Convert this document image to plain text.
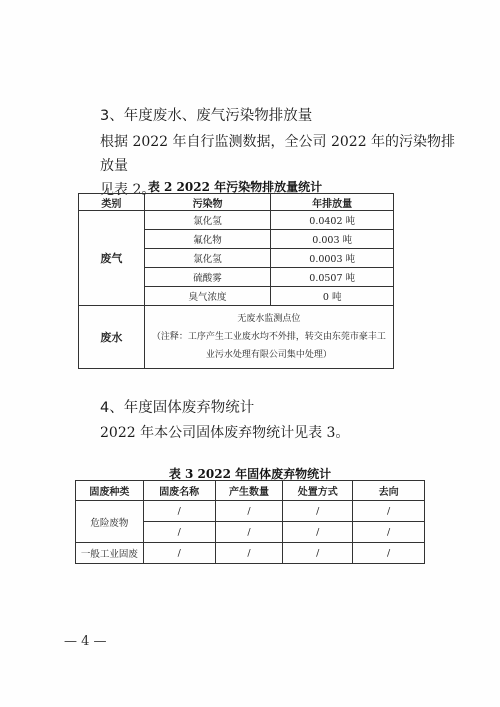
3、年度废水、废气污染物排放量
根据 2022 年自行监测数据，全公司 2022 年的污染物排放量
见表 2。
表 2 2022 年污染物排放量统计
类别	污染物	年排放量
废气	氯化氢	0.0402 吨
	氟化物	0.003 吨
	氯化氢	0.0003 吨
	硫酸雾	0.0507 吨
	臭气浓度	0 吨
废水	无废水监测点位
（注释：工序产生工业废水均不外排，转交由东莞市豪丰工业污水处理有限公司集中处理）	
4、年度固体废弃物统计
2022 年本公司固体废弃物统计见表 3。
表 3 2022 年固体废弃物统计
固废种类	固废名称	产生数量	处置方式	去向
危险废物	/	/	/	/
	/	/	/	/
一般工业固废	/	/	/	/
— 4 —
